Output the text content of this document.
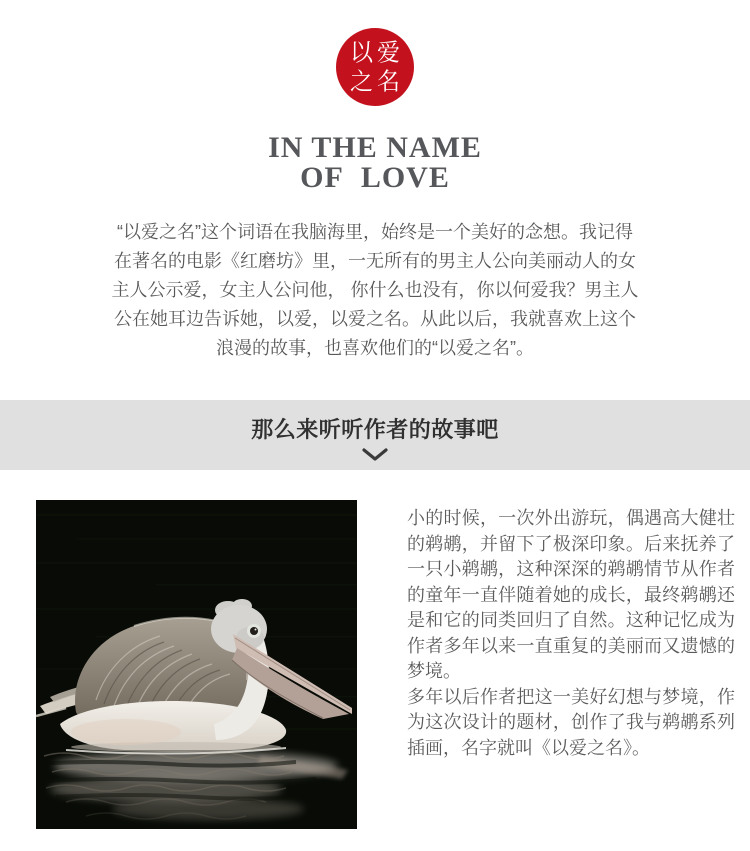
以 爱
之 名
IN THE NAME
OF  LOVE

“以爱之名”这个词语在我脑海里，始终是一个美好的念想。我记得在著名的电影《红磨坊》里，一无所有的男主人公向美丽动人的女主人公示爱，女主人公问他， 你什么也没有，你以何爱我？男主人公在她耳边告诉她，以爱，以爱之名。从此以后，我就喜欢上这个浪漫的故事，也喜欢他们的“以爱之名”。

那么来听听作者的故事吧

小的时候，一次外出游玩，偶遇高大健壮的鹈鹕，并留下了极深印象。后来抚养了一只小鹈鹕，这种深深的鹈鹕情节从作者的童年一直伴随着她的成长，最终鹈鹕还是和它的同类回归了自然。这种记忆成为作者多年以来一直重复的美丽而又遗憾的梦境。

多年以后作者把这一美好幻想与梦境，作为这次设计的题材，创作了我与鹈鹕系列插画，名字就叫《以爱之名》。
